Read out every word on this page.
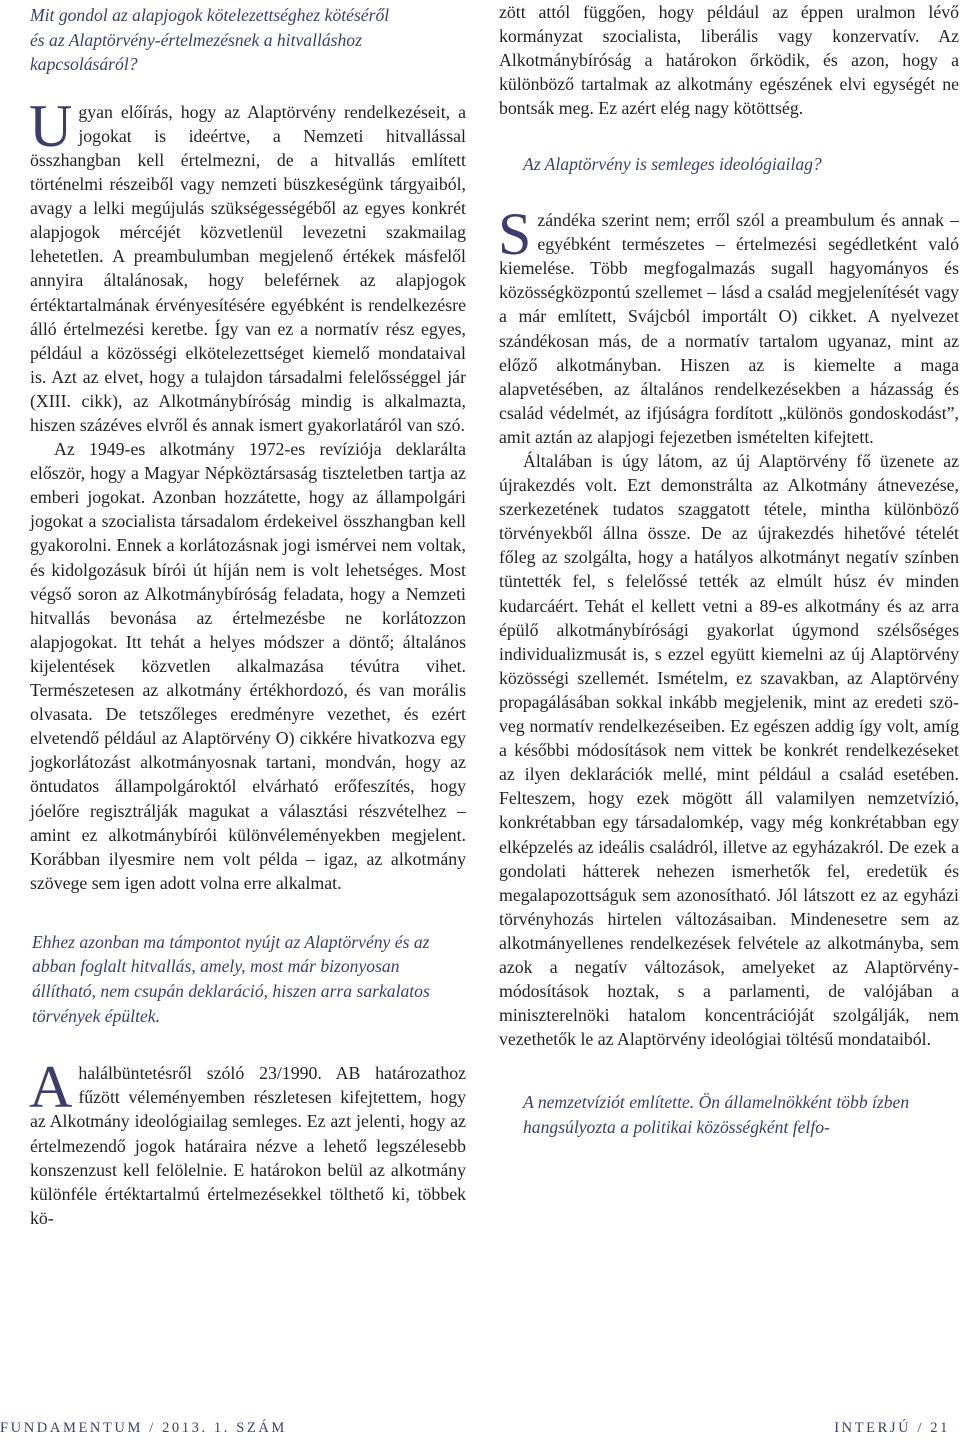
Mit gondol az alapjogok kötelezettséghez kötéséről és az Alaptörvény-értelmezésnek a hitvalláshoz kapcsolásáról?

U gyan előírás, hogy az Alaptörvény rendelkezéseit, a jogokat is ideértve, a Nemzeti hitvallással összhangban kell értelmezni, de a hitvallás említett történelmi részeiből vagy nemzeti büszkeségünk tárgyaiból, avagy a lelki megújulás szükségességéből az egyes konkrét alapjogok mércéjét közvetlenül levezetni szakmailag lehetetlen. A preambulumban megjelenő értékek másfelől annyira általánosak, hogy beleférnek az alapjogok értéktartalmának érvényesítésére egyébként is rendelkezésre álló értelmezési keretbe. Így van ez a normatív rész egyes, például a közösségi elkötelezettséget kiemelő mondataival is. Azt az elvet, hogy a tulajdon társadalmi felelősséggel jár (XIII. cikk), az Alkotmánybíróság mindig is alkalmazta, hiszen százéves elvről és annak ismert gyakorlatáról van szó.

Az 1949-es alkotmány 1972-es revíziója deklarálta először, hogy a Magyar Népköztársaság tiszteletben tartja az emberi jogokat. Azonban hozzátette, hogy az állampolgári jogokat a szocialista társadalom érdekeivel összhangban kell gyakorolni. Ennek a korlátozásnak jogi ismérvei nem voltak, és kidolgozásuk bírói út híján nem is volt lehetséges. Most végső soron az Alkotmánybíróság feladata, hogy a Nemzeti hitvallás bevonása az értelmezésbe ne korlátozzon alapjogokat. Itt tehát a helyes módszer a döntő; általános kijelentések közvetlen alkalmazása tévútra vihet. Természetesen az alkotmány értékhordozó, és van morális olvasata. De tetszőleges eredményre vezethet, és ezért elvetendő például az Alaptörvény O) cikkére hivatkozva egy jogkorlátozást alkotmányosnak tartani, mondván, hogy az öntudatos állampolgároktól elvárható erőfeszítés, hogy jóelőre regisztrálják magukat a választási részvételhez – amint ez alkotmánybírói különvéleményekben megjelent. Korábban ilyesmire nem volt példa – igaz, az alkotmány szövege sem igen adott volna erre alkalmat.

Ehhez azonban ma támpontot nyújt az Alaptörvény és az abban foglalt hitvallás, amely, most már bizonyosan állítható, nem csupán deklaráció, hiszen arra sarkalatos törvények épültek.

A halálbüntetésről szóló 23/1990. AB határozathoz fűzött véleményemben részletesen kifejtettem, hogy az Alkotmány ideológiailag semleges. Ez azt jelenti, hogy az értelmezendő jogok határaira nézve a lehető legszélesebb konszenzust kell felölelnie. E határokon belül az alkotmány különféle értéktartalmú értelmezésekkel tölthető ki, többek kö-

zött attól függően, hogy például az éppen uralmon lévő kormányzat szocialista, liberális vagy konzervatív. Az Alkotmánybíróság a határokon őrködik, és azon, hogy a különböző tartalmak az alkotmány egészének elvi egységét ne bontsák meg. Ez azért elég nagy kötöttség.

Az Alaptörvény is semleges ideológiailag?

S zándéka szerint nem; erről szól a preambulum és annak – egyébként természetes – értelmezési segédletként való kiemelése. Több megfogalmazás sugall hagyományos és közösségközpontú szellemet – lásd a család megjelenítését vagy a már említett, Svájcból importált O) cikket. A nyelvezet szándékosan más, de a normatív tartalom ugyanaz, mint az előző alkotmányban. Hiszen az is kiemelte a maga alapvetésében, az általános rendelkezésekben a házasság és család védelmét, az ifjúságra fordított „különös gondoskodást”, amit aztán az alapjogi fejezetben ismételten kifejtett.

Általában is úgy látom, az új Alaptörvény fő üzenete az újrakezdés volt. Ezt demonstrálta az Alkotmány átnevezése, szerkezetének tudatos szaggatott tétele, mintha különböző törvényekből állna össze. De az újrakezdés hihetővé tételét főleg az szolgálta, hogy a hatályos alkotmányt negatív színben tüntették fel, s felelőssé tették az elmúlt húsz év minden kudarcáért. Tehát el kellett vetni a 89-es alkotmány és az arra épülő alkotmánybírósági gyakorlat úgymond szélsőséges individualizmusát is, s ezzel együtt kiemelni az új Alaptörvény közösségi szellemét. Ismételm, ez szavakban, az Alaptörvény propagálásában sokkal inkább megjelenik, mint az eredeti szöveg normatív rendelkezéseiben. Ez egészen addig így volt, amíg a későbbi módosítások nem vittek be konkrét rendelkezéseket az ilyen deklarációk mellé, mint például a család esetében. Felteszem, hogy ezek mögött áll valamilyen nemzetvízió, konkrétabban egy társadalomkép, vagy még konkrétabban egy elképzelés az ideális családról, illetve az egyházakról. De ezek a gondolati hátterek nehezen ismerhetők fel, eredetük és megalapozottságuk sem azonosítható. Jól látszott ez az egyházi törvényhozás hirtelen változásaiban. Mindenesetre sem az alkotmányellenes rendelkezések felvétele az alkotmányba, sem azok a negatív változások, amelyeket az Alaptörvény-módosítások hoztak, s a parlamenti, de valójában a miniszterelnöki hatalom koncentrációját szolgálják, nem vezethetők le az Alaptörvény ideológiai töltésű mondataiból.

A nemzetvíziót említette. Ön államelnökként több ízben hangsúlyozta a politikai közösségként felfo-

FUNDAMENTUM / 2013. 1. SZÁM	INTERJÚ / 21
